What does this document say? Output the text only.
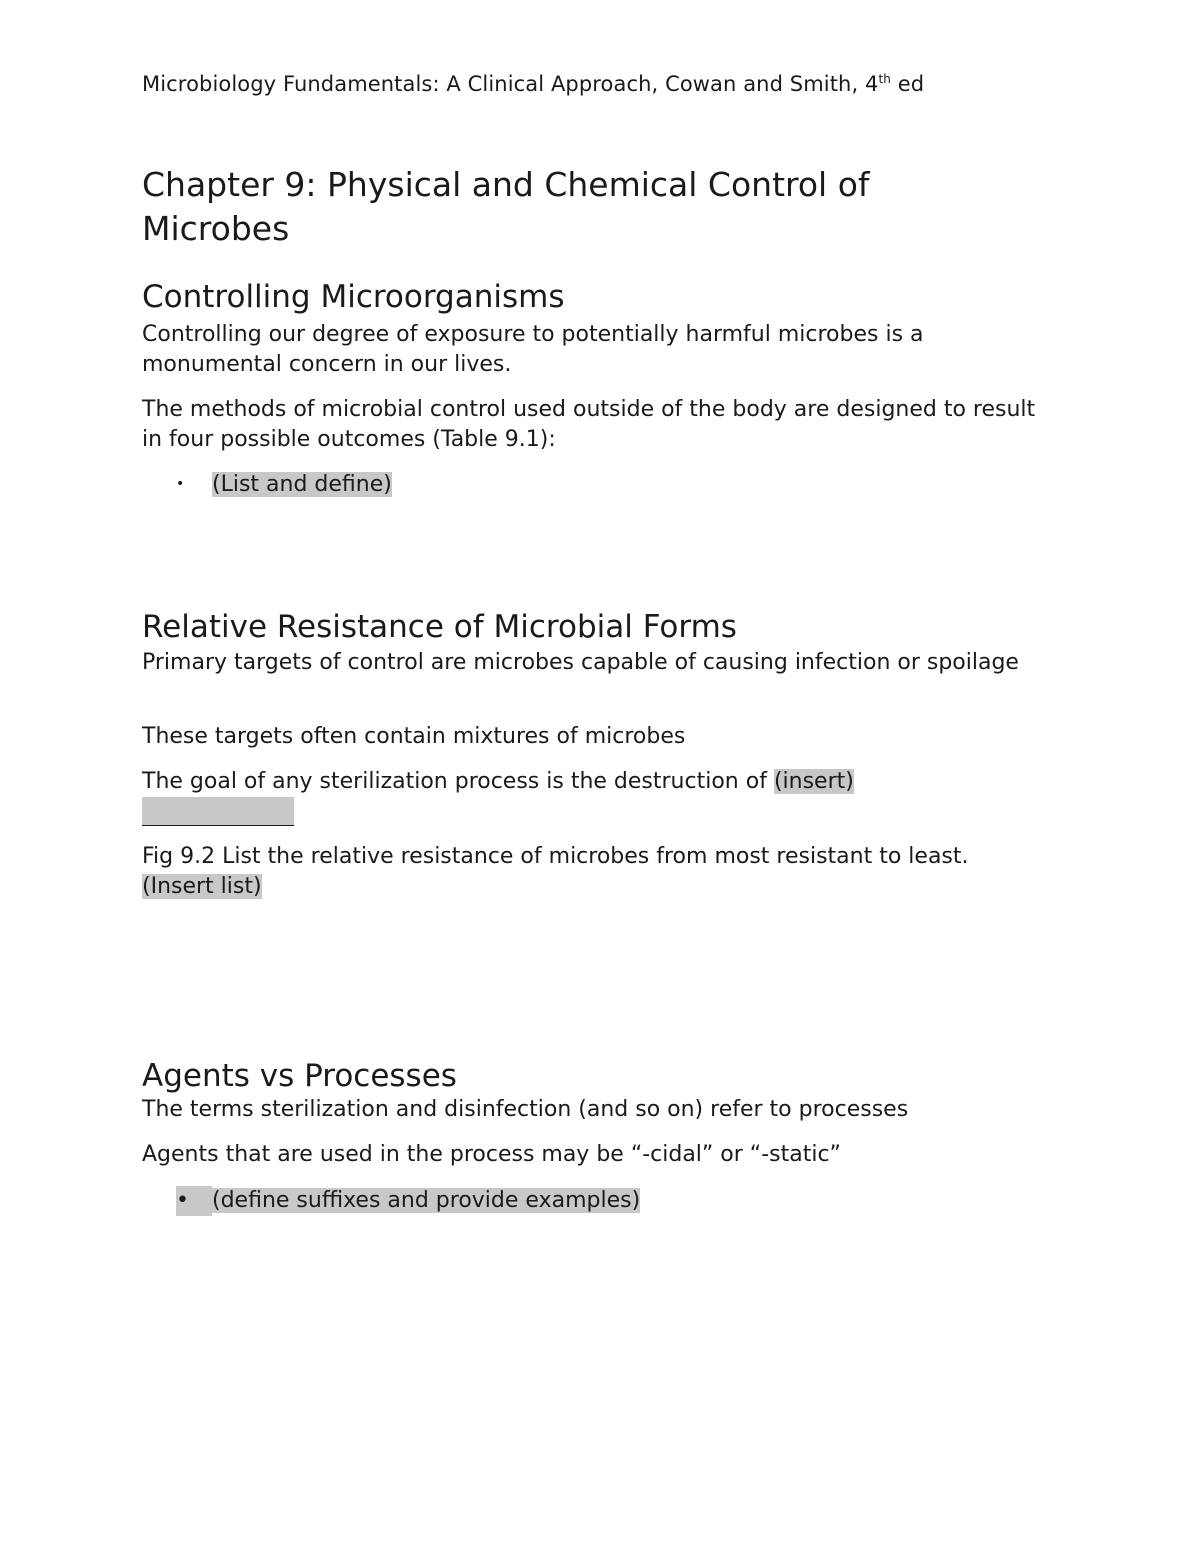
Microbiology Fundamentals: A Clinical Approach, Cowan and Smith, 4th ed
Chapter 9: Physical and Chemical Control of
Microbes
Controlling Microorganisms

Controlling our degree of exposure to potentially harmful microbes is a monumental concern in our lives.

The methods of microbial control used outside of the body are designed to result in four possible outcomes (Table 9.1):

• (List and define)
Relative Resistance of Microbial Forms

Primary targets of control are microbes capable of causing infection or spoilage

These targets often contain mixtures of microbes

The goal of any sterilization process is the destruction of (insert)

Fig 9.2 List the relative resistance of microbes from most resistant to least. (Insert list)

Agents vs Processes

The terms sterilization and disinfection (and so on) refer to processes

Agents that are used in the process may be “-cidal” or “-static”

• (define suffixes and provide examples)
